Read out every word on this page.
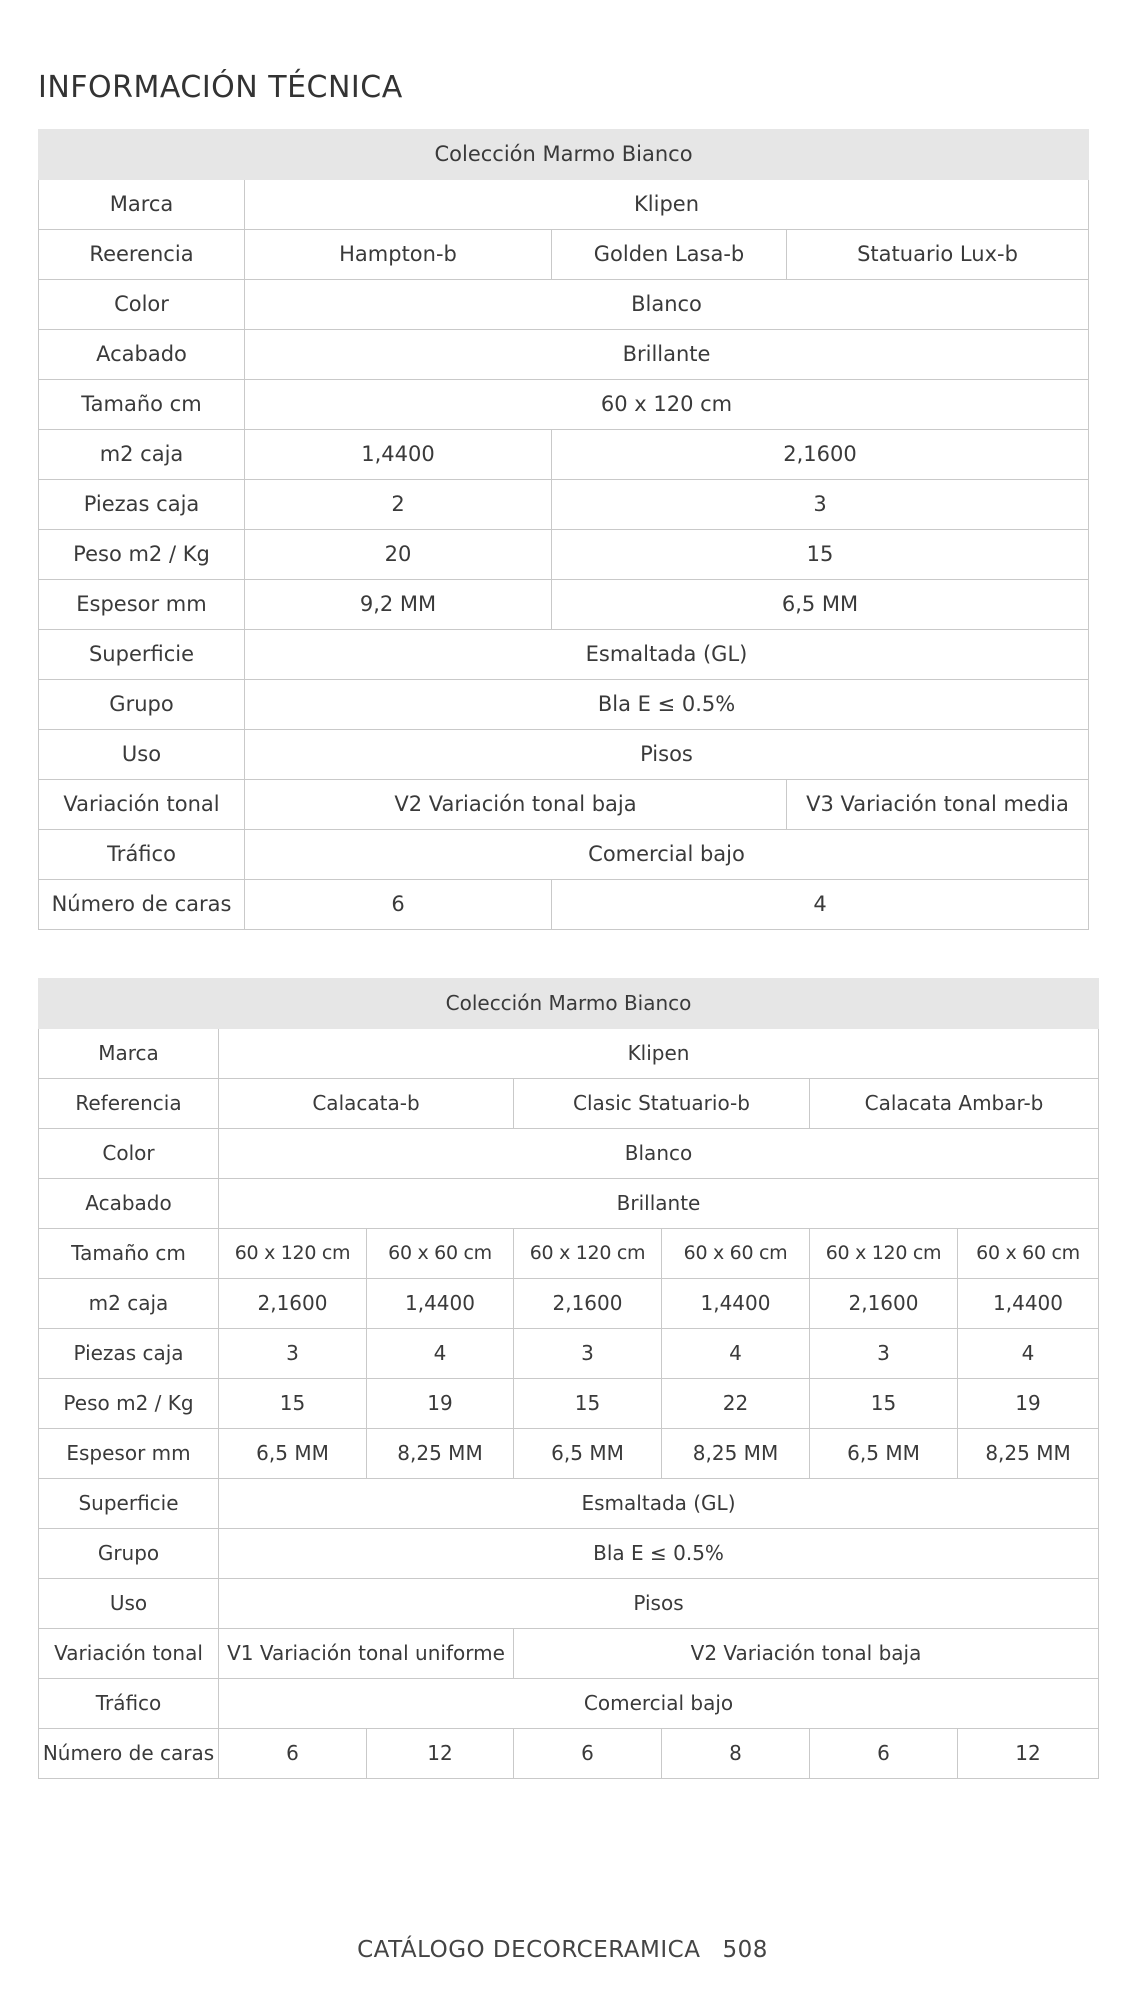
INFORMACIÓN TÉCNICA
Colección Marmo Bianco			
Marca	Klipen		
Reerencia	Hampton-b	Golden Lasa-b	Statuario Lux-b
Color	Blanco		
Acabado	Brillante		
Tamaño cm	60 x 120 cm		
m2 caja	1,4400	2,1600	
Piezas caja	2	3	
Peso m2 / Kg	20	15	
Espesor mm	9,2 MM	6,5 MM	
Superficie	Esmaltada (GL)		
Grupo	Bla E ≤ 0.5%		
Uso	Pisos		
Variación tonal	V2 Variación tonal baja		V3 Variación tonal media
Tráfico	Comercial bajo		
Número de caras	6	4	
Colección Marmo Bianco						
Marca	Klipen					
Referencia	Calacata-b		Clasic Statuario-b		Calacata Ambar-b	
Color	Blanco					
Acabado	Brillante					
Tamaño cm	60 x 120 cm	60 x 60 cm	60 x 120 cm	60 x 60 cm	60 x 120 cm	60 x 60 cm
m2 caja	2,1600	1,4400	2,1600	1,4400	2,1600	1,4400
Piezas caja	3	4	3	4	3	4
Peso m2 / Kg	15	19	15	22	15	19
Espesor mm	6,5 MM	8,25 MM	6,5 MM	8,25 MM	6,5 MM	8,25 MM
Superficie	Esmaltada (GL)					
Grupo	Bla E ≤ 0.5%					
Uso	Pisos					
Variación tonal	V1 Variación tonal uniforme		V2 Variación tonal baja			
Tráfico	Comercial bajo					
Número de caras	6	12	6	8	6	12
CATÁLOGO DECORCERAMICA 508
